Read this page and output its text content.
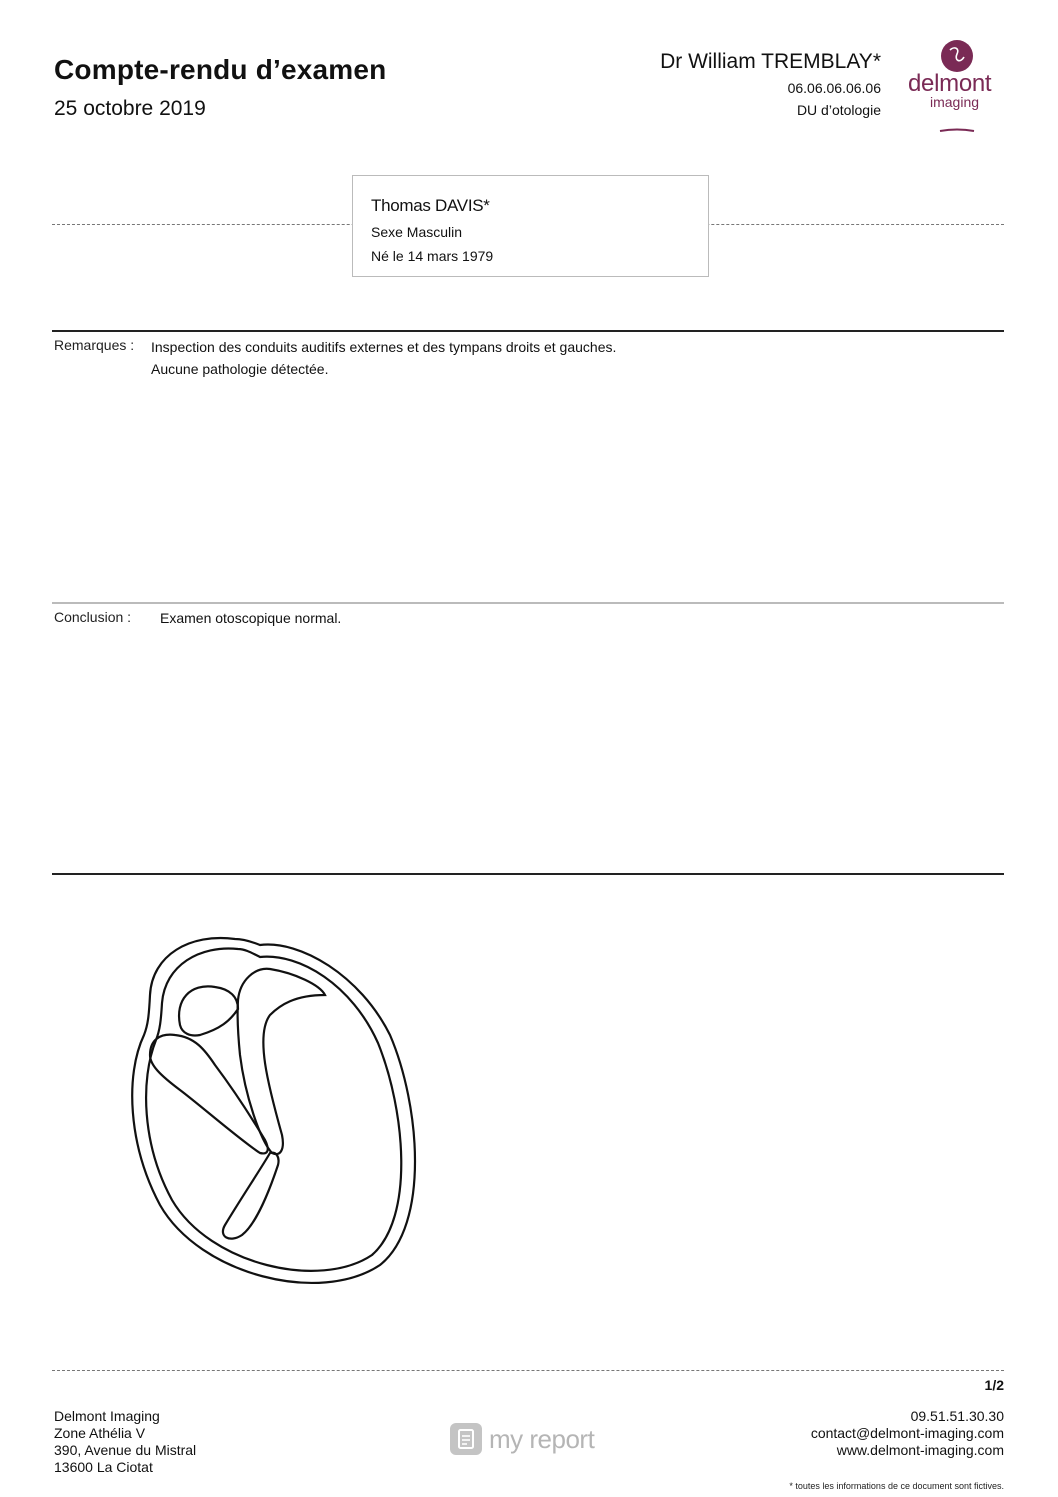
Compte-rendu d’examen
25 octobre 2019
Dr William TREMBLAY*
06.06.06.06.06
DU d’otologie
delmont
imaging
Thomas DAVIS*
Sexe Masculin
Né le 14 mars 1979
Remarques : Inspection des conduits auditifs externes et des tympans droits et gauches.
Aucune pathologie détectée.
Conclusion : Examen otoscopique normal.
1/2
Delmont Imaging
Zone Athélia V
390, Avenue du Mistral
13600 La Ciotat
my report
09.51.51.30.30
contact@delmont-imaging.com
www.delmont-imaging.com
* toutes les informations de ce document sont fictives.
